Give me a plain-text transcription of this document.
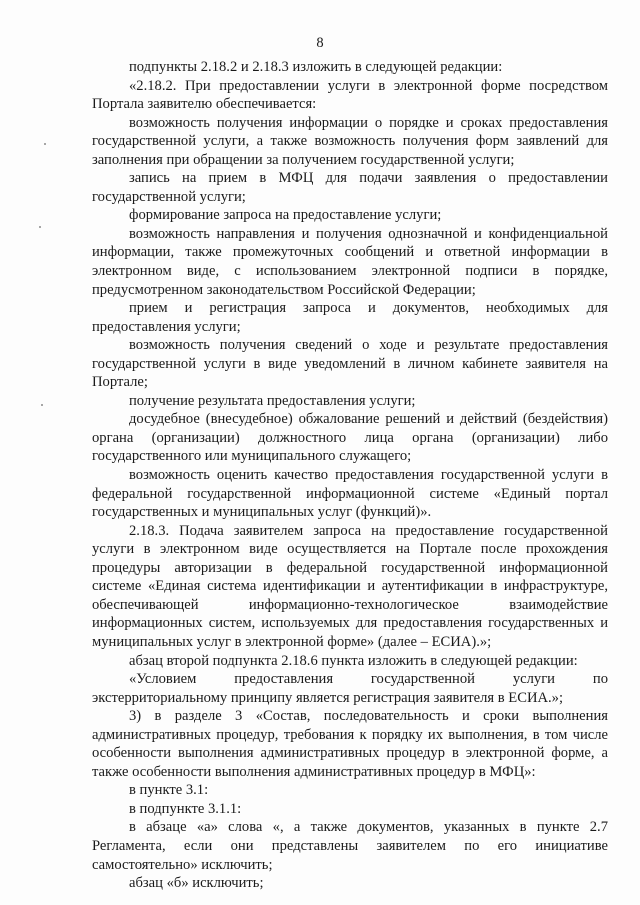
8

подпункты 2.18.2 и 2.18.3 изложить в следующей редакции:

«2.18.2. При предоставлении услуги в электронной форме посредством Портала заявителю обеспечивается:

возможность получения информации о порядке и сроках предоставления государственной услуги, а также возможность получения форм заявлений для заполнения при обращении за получением государственной услуги;

запись на прием в МФЦ для подачи заявления о предоставлении государственной услуги;

формирование запроса на предоставление услуги;

возможность направления и получения однозначной и конфиденциальной информации, также промежуточных сообщений и ответной информации в электронном виде, с использованием электронной подписи в порядке, предусмотренном законодательством Российской Федерации;

прием и регистрация запроса и документов, необходимых для предоставления услуги;

возможность получения сведений о ходе и результате предоставления государственной услуги в виде уведомлений в личном кабинете заявителя на Портале;

получение результата предоставления услуги;

досудебное (внесудебное) обжалование решений и действий (бездействия) органа (организации) должностного лица органа (организации) либо государственного или муниципального служащего;

возможность оценить качество предоставления государственной услуги в федеральной государственной информационной системе «Единый портал государственных и муниципальных услуг (функций)».

2.18.3. Подача заявителем запроса на предоставление государственной услуги в электронном виде осуществляется на Портале после прохождения процедуры авторизации в федеральной государственной информационной системе «Единая система идентификации и аутентификации в инфраструктуре, обеспечивающей информационно-технологическое взаимодействие информационных систем, используемых для предоставления государственных и муниципальных услуг в электронной форме» (далее – ЕСИА).»;

абзац второй подпункта 2.18.6 пункта изложить в следующей редакции:

«Условием предоставления государственной услуги по экстерриториальному принципу является регистрация заявителя в ЕСИА.»;

3) в разделе 3 «Состав, последовательность и сроки выполнения административных процедур, требования к порядку их выполнения, в том числе особенности выполнения административных процедур в электронной форме, а также особенности выполнения административных процедур в МФЦ»:

в пункте 3.1:

в подпункте 3.1.1:

в абзаце «а» слова «, а также документов, указанных в пункте 2.7 Регламента, если они представлены заявителем по его инициативе самостоятельно» исключить;

абзац «б» исключить;
